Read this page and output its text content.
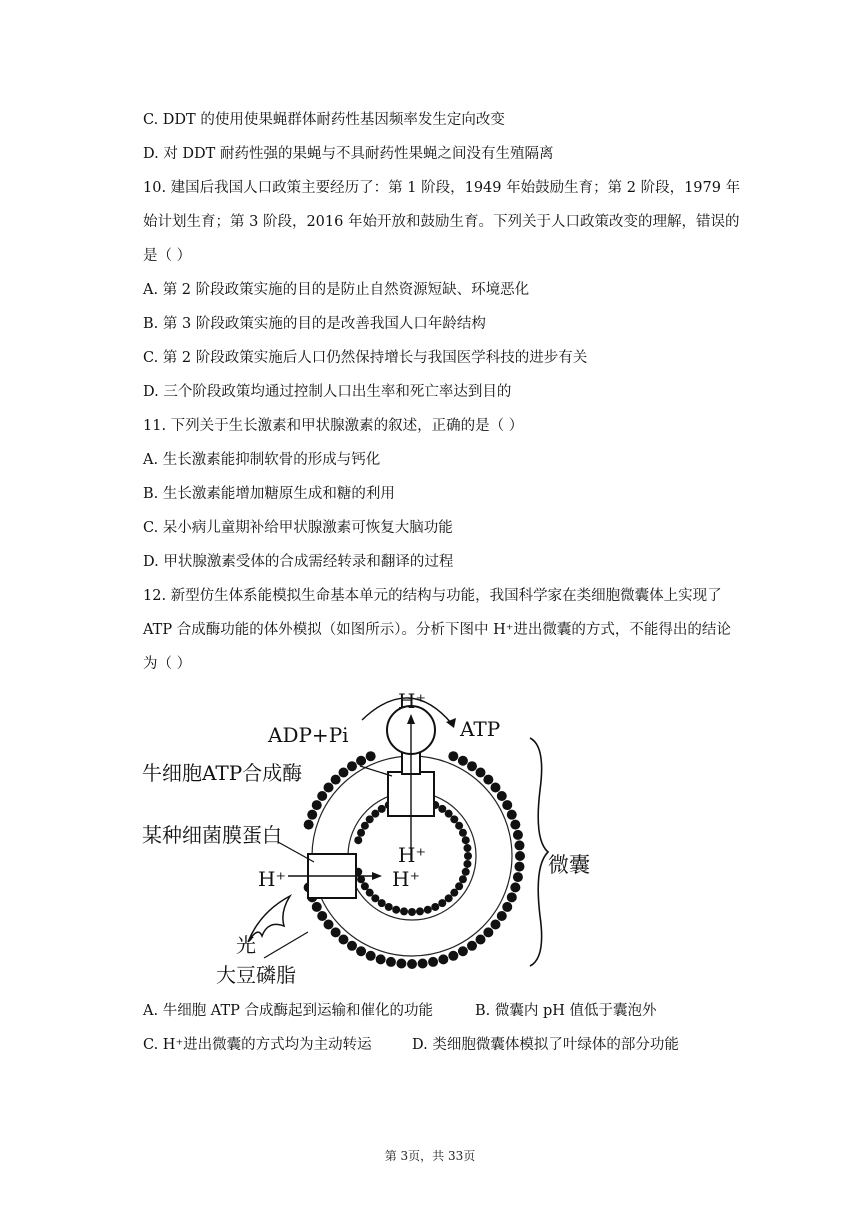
C. DDT 的使用使果蝇群体耐药性基因频率发生定向改变
D. 对 DDT 耐药性强的果蝇与不具耐药性果蝇之间没有生殖隔离
10. 建国后我国人口政策主要经历了：第 1 阶段，1949 年始鼓励生育；第 2 阶段，1979 年
始计划生育；第 3 阶段，2016 年始开放和鼓励生育。下列关于人口政策改变的理解，错误的
是（ ）
A. 第 2 阶段政策实施的目的是防止自然资源短缺、环境恶化
B. 第 3 阶段政策实施的目的是改善我国人口年龄结构
C. 第 2 阶段政策实施后人口仍然保持增长与我国医学科技的进步有关
D. 三个阶段政策均通过控制人口出生率和死亡率达到目的
11. 下列关于生长激素和甲状腺激素的叙述，正确的是（ ）
A. 生长激素能抑制软骨的形成与钙化
B. 生长激素能增加糖原生成和糖的利用
C. 呆小病儿童期补给甲状腺激素可恢复大脑功能
D. 甲状腺激素受体的合成需经转录和翻译的过程
12. 新型仿生体系能模拟生命基本单元的结构与功能，我国科学家在类细胞微囊体上实现了
ATP 合成酶功能的体外模拟（如图所示）。分析下图中 H⁺进出微囊的方式，不能得出的结论
为（ ）
H⁺
ADP+Pi	ATP
牛细胞ATP合成酶
某种细菌膜蛋白
H⁺	H⁺
H⁺	微囊
光
大豆磷脂
A. 牛细胞 ATP 合成酶起到运输和催化的功能	B. 微囊内 pH 值低于囊泡外
C. H⁺进出微囊的方式均为主动转运	D. 类细胞微囊体模拟了叶绿体的部分功能
第 3页，共 33页
